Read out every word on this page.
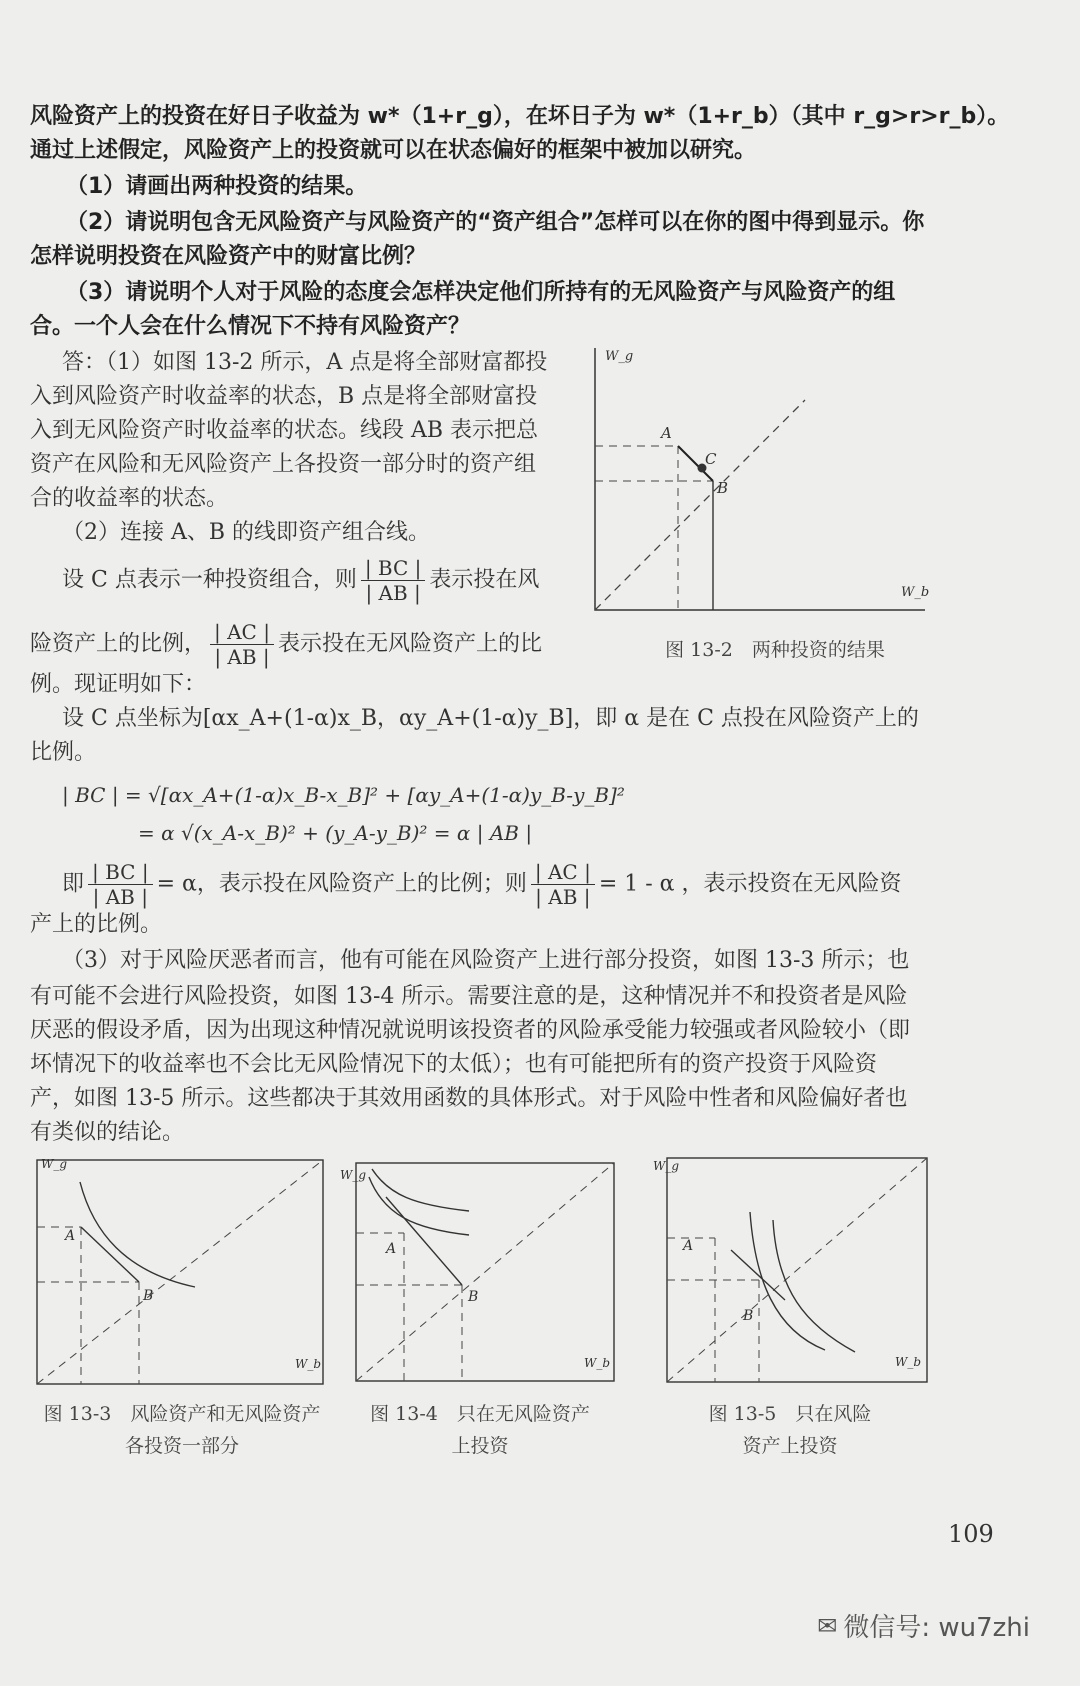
风险资产上的投资在好日子收益为 w*（1+r_g），在坏日子为 w*（1+r_b）（其中 r_g>r>r_b）。
通过上述假定，风险资产上的投资就可以在状态偏好的框架中被加以研究。
（1）请画出两种投资的结果。
（2）请说明包含无风险资产与风险资产的“资产组合”怎样可以在你的图中得到显示。你
怎样说明投资在风险资产中的财富比例？
（3）请说明个人对于风险的态度会怎样决定他们所持有的无风险资产与风险资产的组
合。一个人会在什么情况下不持有风险资产？
答：（1）如图 13-2 所示，A 点是将全部财富都投
入到风险资产时收益率的状态，B 点是将全部财富投
入到无风险资产时收益率的状态。线段 AB 表示把总
资产在风险和无风险资产上各投资一部分时的资产组
合的收益率的状态。
（2）连接 A、B 的线即资产组合线。
设 C 点表示一种投资组合，则 $\frac{| BC |}{| AB |}$ 表示投在风
险资产上的比例， $\frac{| AC |}{| AB |}$ 表示投在无风险资产上的比
例。现证明如下：
设 C 点坐标为[αx_A+(1-α)x_B，αy_A+(1-α)y_B]，即 α 是在 C 点投在风险资产上的
比例。
| BC | = √[αx_A+(1-α)x_B-x_B]² + [αy_A+(1-α)y_B-y_B]²
= α √(x_A-x_B)² + (y_A-y_B)² = α | AB |
即 $\frac{| BC |}{| AB |} = \alpha$，表示投在风险资产上的比例；则 $\frac{| AC |}{| AB |} = 1 - \alpha$ ，表示投资在无风险资
产上的比例。
（3）对于风险厌恶者而言，他有可能在风险资产上进行部分投资，如图 13-3 所示；也
有可能不会进行风险投资，如图 13-4 所示。需要注意的是，这种情况并不和投资者是风险
厌恶的假设矛盾，因为出现这种情况就说明该投资者的风险承受能力较强或者风险较小（即
坏情况下的收益率也不会比无风险情况下的太低）；也有可能把所有的资产投资于风险资
产，如图 13-5 所示。这些都决于其效用函数的具体形式。对于风险中性者和风险偏好者也
有类似的结论。
W_g
W_b
A
C
B
图 13-2　两种投资的结果
W_g
W_b
A
B
图 13-3　风险资产和无风险资产
各投资一部分
W_g
W_b
A
B
图 13-4　只在无风险资产
上投资
W_g
W_b
A
B
图 13-5　只在风险
资产上投资
109
✉ 微信号: wu7zhi
